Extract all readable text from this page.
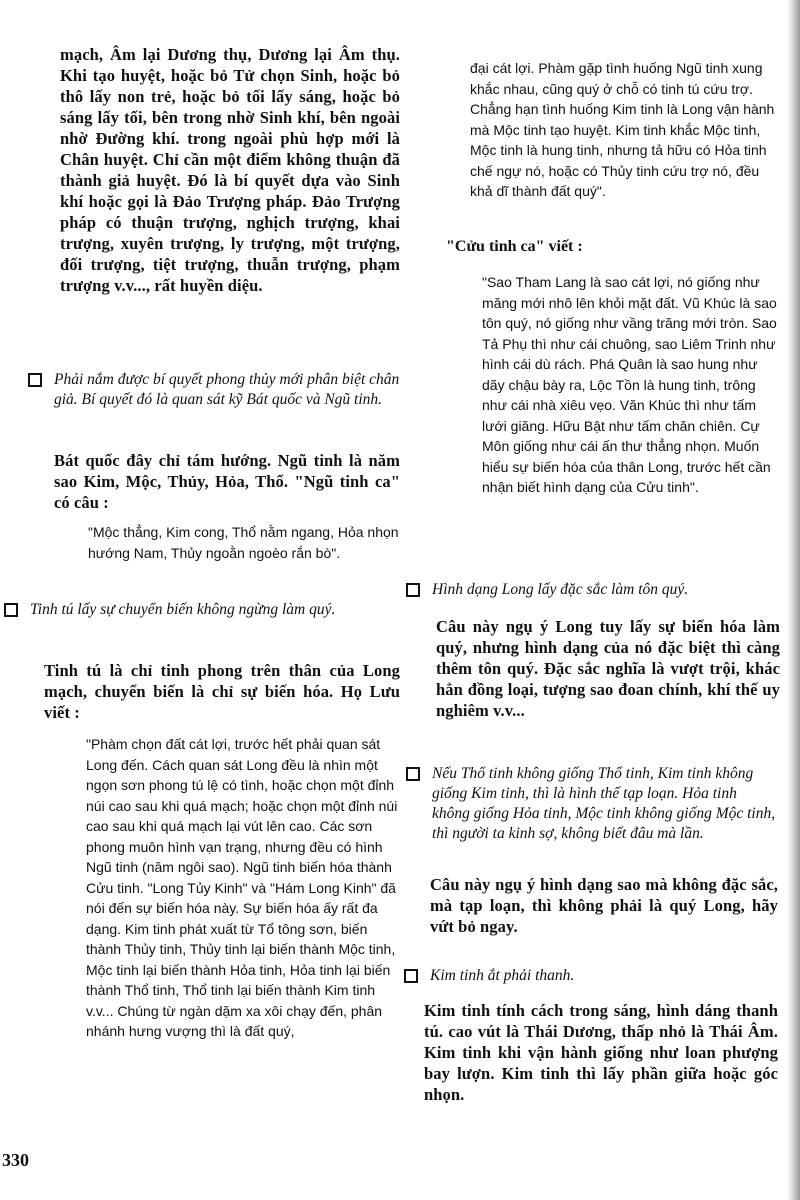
mạch, Âm lại Dương thụ, Dương lại Âm thụ. Khi tạo huyệt, hoặc bỏ Tử chọn Sinh, hoặc bỏ thô lấy non trẻ, hoặc bỏ tối lấy sáng, hoặc bỏ sáng lấy tối, bên trong nhờ Sinh khí, bên ngoài nhờ Đường khí. trong ngoài phù hợp mới là Chân huyệt. Chỉ cần một điểm không thuận đã thành giả huyệt. Đó là bí quyết dựa vào Sinh khí hoặc gọi là Đảo Trượng pháp. Đảo Trượng pháp có thuận trượng, nghịch trượng, khai trượng, xuyên trượng, ly trượng, một trượng, đối trượng, tiệt trượng, thuẫn trượng, phạm trượng v.v..., rất huyền diệu.

Phải nắm được bí quyết phong thủy mới phân biệt chân giả. Bí quyết đó là quan sát kỹ Bát quốc và Ngũ tinh.

Bát quốc đây chỉ tám hướng. Ngũ tinh là năm sao Kim, Mộc, Thủy, Hỏa, Thổ. "Ngũ tinh ca" có câu :

"Mộc thẳng, Kim cong, Thổ nằm ngang, Hỏa nhọn hướng Nam, Thủy ngoằn ngoèo rắn bò".

Tinh tú lấy sự chuyển biến không ngừng làm quý.

Tinh tú là chỉ tinh phong trên thân của Long mạch, chuyển biến là chỉ sự biến hóa. Họ Lưu viết :

"Phàm chọn đất cát lợi, trước hết phải quan sát Long đến. Cách quan sát Long đều là nhìn một ngọn sơn phong tú lệ có tình, hoặc chọn một đỉnh núi cao sau khi quá mạch; hoặc chọn một đỉnh núi cao sau khi quá mạch lại vút lên cao. Các sơn phong muôn hình vạn trạng, nhưng đều có hình Ngũ tinh (năm ngôi sao). Ngũ tinh biến hóa thành Cửu tinh. "Long Tủy Kinh" và "Hám Long Kinh" đã nói đến sự biến hóa này. Sự biến hóa ấy rất đa dạng. Kim tinh phát xuất từ Tổ tông sơn, biến thành Thủy tinh, Thủy tinh lại biến thành Mộc tinh, Mộc tinh lại biến thành Hỏa tinh, Hỏa tinh lại biến thành Thổ tinh, Thổ tinh lại biến thành Kim tinh v.v... Chúng từ ngàn dặm xa xôi chạy đến, phân nhánh hưng vượng thì là đất quý,

đại cát lợi. Phàm gặp tình huống Ngũ tinh xung khắc nhau, cũng quý ở chỗ có tinh tú cứu trợ. Chẳng hạn tình huống Kim tinh là Long vận hành mà Mộc tinh tạo huyệt. Kim tinh khắc Mộc tinh, Mộc tinh là hung tinh, nhưng tả hữu có Hỏa tinh chế ngự nó, hoặc có Thủy tinh cứu trợ nó, đều khả dĩ thành đất quý".

"Cửu tinh ca" viết :

"Sao Tham Lang là sao cát lợi, nó giống như măng mới nhô lên khỏi mặt đất. Vũ Khúc là sao tôn quý, nó giống như vầng trăng mới tròn. Sao Tả Phụ thì như cái chuông, sao Liêm Trinh như hình cái dù rách. Phá Quân là sao hung như dãy chậu bày ra, Lộc Tồn là hung tinh, trông như cái nhà xiêu vẹo. Văn Khúc thì như tấm lưới giăng. Hữu Bật như tấm chăn chiên. Cự Môn giống như cái ấn thư thẳng nhọn. Muốn hiểu sự biến hóa của thân Long, trước hết cần nhận biết hình dạng của Cửu tinh".

Hình dạng Long lấy đặc sắc làm tôn quý.

Câu này ngụ ý Long tuy lấy sự biến hóa làm quý, nhưng hình dạng của nó đặc biệt thì càng thêm tôn quý. Đặc sắc nghĩa là vượt trội, khác hẳn đồng loại, tượng sao đoan chính, khí thế uy nghiêm v.v...

Nếu Thổ tinh không giống Thổ tinh, Kim tinh không giống Kim tinh, thì là hình thế tạp loạn. Hỏa tinh không giống Hỏa tinh, Mộc tinh không giống Mộc tinh, thì người ta kinh sợ, không biết đâu mà lần.

Câu này ngụ ý hình dạng sao mà không đặc sắc, mà tạp loạn, thì không phải là quý Long, hãy vứt bỏ ngay.

Kim tinh ắt phải thanh.

Kim tinh tính cách trong sáng, hình dáng thanh tú. cao vút là Thái Dương, thấp nhỏ là Thái Âm. Kim tinh khi vận hành giống như loan phượng bay lượn. Kim tinh thì lấy phần giữa hoặc góc nhọn.

330
